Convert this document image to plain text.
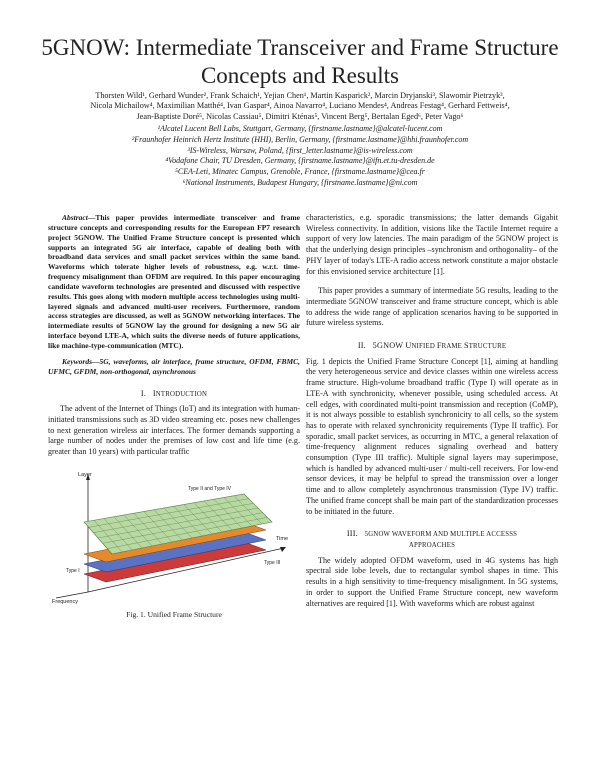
5GNOW: Intermediate Transceiver and Frame Structure Concepts and Results
Thorsten Wild¹, Gerhard Wunder², Frank Schaich¹, Yejian Chen¹, Martin Kasparick², Marcin Dryjanski³, Slawomir Pietrzyk³,
Nicola Michailow⁴, Maximilian Matthé⁴, Ivan Gaspar⁴, Ainoa Navarro⁴, Luciano Mendes⁴, Andreas Festag⁴, Gerhard Fettweis⁴,
Jean-Baptiste Doré⁵, Nicolas Cassiau⁵, Dimitri Kténas⁵, Vincent Berg⁵, Bertalan Eged⁶, Peter Vago⁶
¹Alcatel Lucent Bell Labs, Stuttgart, Germany, {firstname.lastname}@alcatel-lucent.com
²Fraunhofer Heinrich Hertz Institute (HHI), Berlin, Germany, {firstname.lastname}@hhi.fraunhofer.com
³IS-Wireless, Warsaw, Poland, {first_letter.lastname}@is-wireless.com
⁴Vodafone Chair, TU Dresden, Germany, {firstname.lastname}@ifn.et.tu-dresden.de
⁵CEA-Leti, Minatec Campus, Grenoble, France, {firstname.lastname}@cea.fr
⁶National Instruments, Budapest Hungary, {firstname.lastname}@ni.com

Abstract—This paper provides intermediate transceiver and frame structure concepts and corresponding results for the European FP7 research project 5GNOW. The Unified Frame Structure concept is presented which supports an integrated 5G air interface, capable of dealing both with broadband data services and small packet services within the same band. Waveforms which tolerate higher levels of robustness, e.g. w.r.t. time-frequency misalignment than OFDM are required. In this paper encouraging candidate waveform technologies are presented and discussed with respective results. This goes along with modern multiple access technologies using multi-layered signals and advanced multi-user receivers. Furthermore, random access strategies are discussed, as well as 5GNOW networking interfaces. The intermediate results of 5GNOW lay the ground for designing a new 5G air interface beyond LTE-A, which suits the diverse needs of future applications, like machine-type-communication (MTC).

Keywords—5G, waveforms, air interface, frame structure, OFDM, FBMC, UFMC, GFDM, non-orthogonal, asynchronous

I. INTRODUCTION

The advent of the Internet of Things (IoT) and its integration with human-initiated transmissions such as 3D video streaming etc. poses new challenges to next generation wireless air interfaces. The former demands supporting a large number of nodes under the premises of low cost and life time (e.g. greater than 10 years) with particular traffic

Layer
Time
Frequency
Type II and Type IV
Type I
Type III
Fig. 1. Unified Frame Structure

characteristics, e.g. sporadic transmissions; the latter demands Gigabit Wireless connectivity. In addition, visions like the Tactile Internet require a support of very low latencies. The main paradigm of the 5GNOW project is that the underlying design principles –synchronism and orthogonality– of the PHY layer of today's LTE-A radio access network constitute a major obstacle for this envisioned service architecture [1].

This paper provides a summary of intermediate 5G results, leading to the intermediate 5GNOW transceiver and frame structure concept, which is able to address the wide range of application scenarios having to be supported in future wireless systems.

II. 5GNOW UNIFIED FRAME STRUCTURE

Fig. 1 depicts the Unified Frame Structure Concept [1], aiming at handling the very heterogeneous service and device classes within one wireless access frame structure. High-volume broadband traffic (Type I) will operate as in LTE-A with synchronicity, whenever possible, using scheduled access. At cell edges, with coordinated multi-point transmission and reception (CoMP), it is not always possible to establish synchronicity to all cells, so the system has to operate with relaxed synchronicity requirements (Type II traffic). For sporadic, small packet services, as occurring in MTC, a general relaxation of time-frequency alignment reduces signaling overhead and battery consumption (Type III traffic). Multiple signal layers may superimpose, which is handled by advanced multi-user / multi-cell receivers. For low-end sensor devices, it may be helpful to spread the transmission over a longer time and to allow completely asynchronous transmission (Type IV) traffic. The unified frame concept shall be main part of the standardization processes to be initiated in the future.

III. 5GNOW WAVEFORM AND MULTIPLE ACCESSS
APPROACHES

The widely adopted OFDM waveform, used in 4G systems has high spectral side lobe levels, due to rectangular symbol shapes in time. This results in a high sensitivity to time-frequency misalignment. In 5G systems, in order to support the Unified Frame Structure concept, new waveform alternatives are required [1]. With waveforms which are robust against
